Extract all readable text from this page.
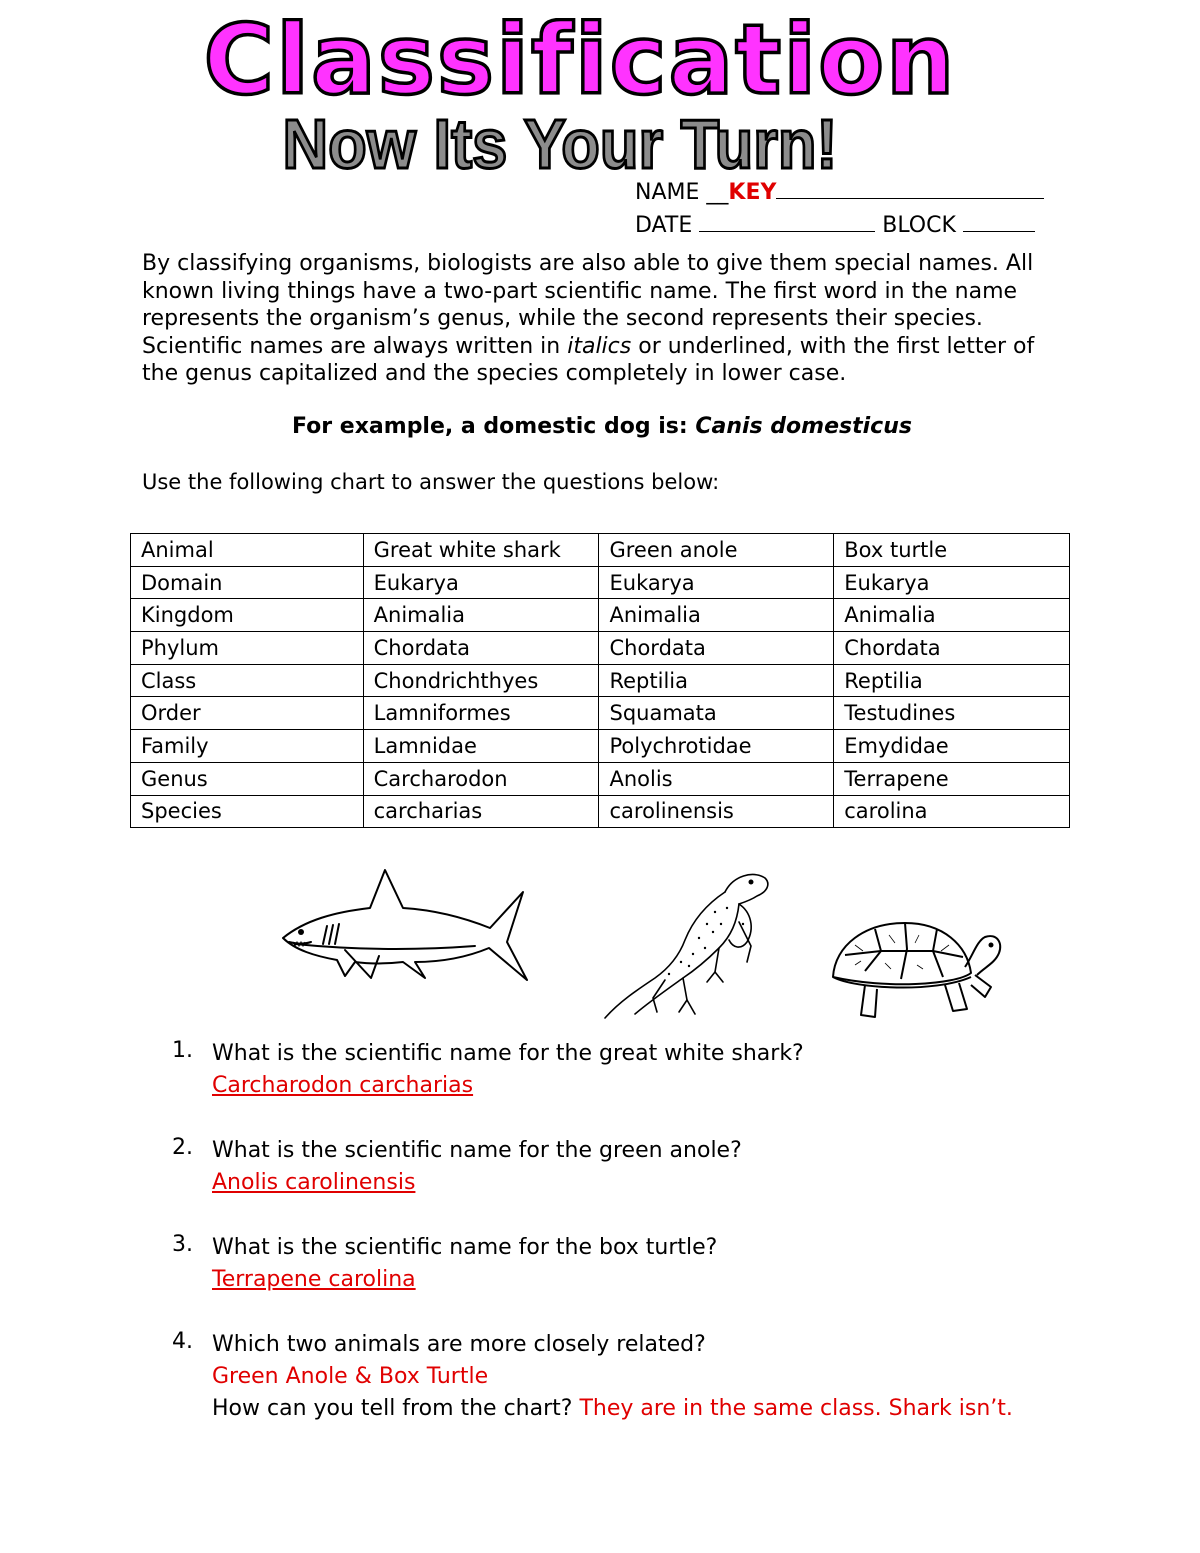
Classification
Now Its Your Turn!
NAME __KEY
DATE	BLOCK

By classifying organisms, biologists are also able to give them special names. All known living things have a two-part scientific name. The first word in the name represents the organism’s genus, while the second represents their species. Scientific names are always written in italics or underlined, with the first letter of the genus capitalized and the species completely in lower case.

For example, a domestic dog is: Canis domesticus
Use the following chart to answer the questions below:
Animal	Great white shark	Green anole	Box turtle
Domain	Eukarya	Eukarya	Eukarya
Kingdom	Animalia	Animalia	Animalia
Phylum	Chordata	Chordata	Chordata
Class	Chondrichthyes	Reptilia	Reptilia
Order	Lamniformes	Squamata	Testudines
Family	Lamnidae	Polychrotidae	Emydidae
Genus	Carcharodon	Anolis	Terrapene
Species	carcharias	carolinensis	carolina
1. What is the scientific name for the great white shark?
Carcharodon carcharias
2. What is the scientific name for the green anole?
Anolis carolinensis
3. What is the scientific name for the box turtle?
Terrapene carolina
4. Which two animals are more closely related?
Green Anole & Box Turtle
How can you tell from the chart? They are in the same class. Shark isn’t.
